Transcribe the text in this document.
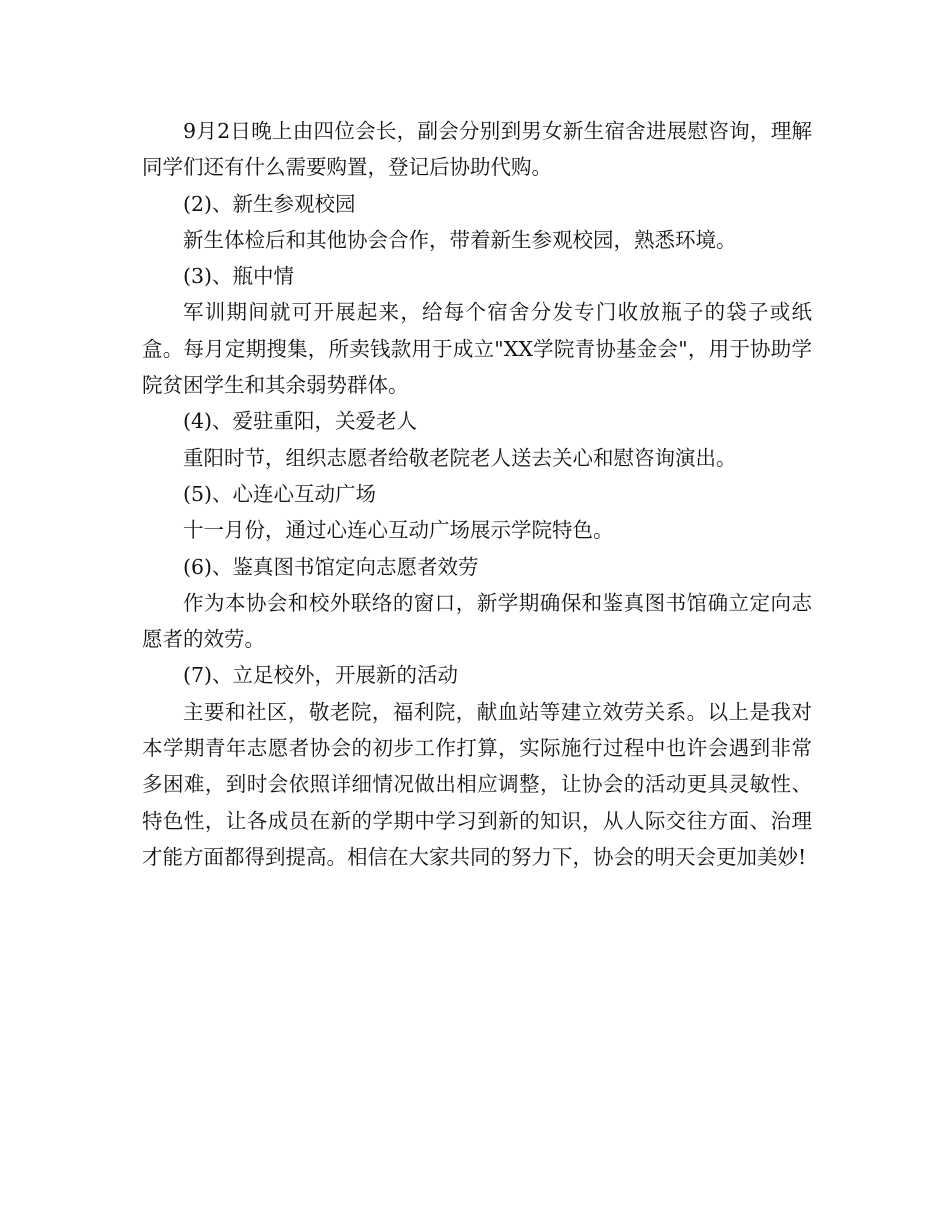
9月2日晚上由四位会长，副会分别到男女新生宿舍进展慰咨询，理解同学们还有什么需要购置，登记后协助代购。

(2)、新生参观校园

新生体检后和其他协会合作，带着新生参观校园，熟悉环境。

(3)、瓶中情

军训期间就可开展起来，给每个宿舍分发专门收放瓶子的袋子或纸盒。每月定期搜集，所卖钱款用于成立"XX学院青协基金会"，用于协助学院贫困学生和其余弱势群体。

(4)、爱驻重阳，关爱老人

重阳时节，组织志愿者给敬老院老人送去关心和慰咨询演出。

(5)、心连心互动广场

十一月份，通过心连心互动广场展示学院特色。

(6)、鉴真图书馆定向志愿者效劳

作为本协会和校外联络的窗口，新学期确保和鉴真图书馆确立定向志愿者的效劳。

(7)、立足校外，开展新的活动

主要和社区，敬老院，福利院，献血站等建立效劳关系。以上是我对本学期青年志愿者协会的初步工作打算，实际施行过程中也许会遇到非常多困难，到时会依照详细情况做出相应调整，让协会的活动更具灵敏性、特色性，让各成员在新的学期中学习到新的知识，从人际交往方面、治理才能方面都得到提高。相信在大家共同的努力下，协会的明天会更加美妙!
